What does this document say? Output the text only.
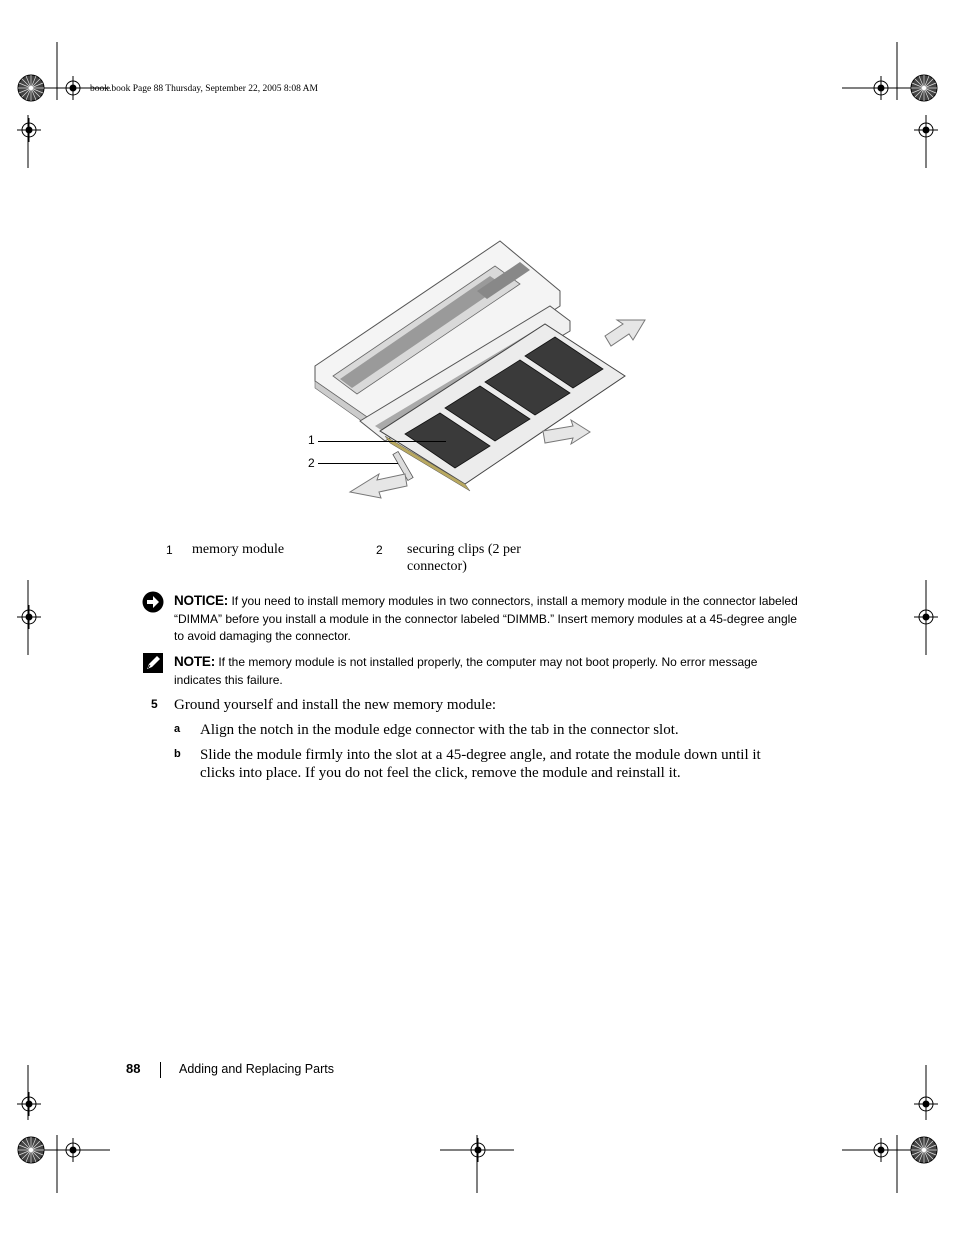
book.book Page 88 Thursday, September 22, 2005 8:08 AM
1
2
1 memory module	2 securing clips (2 per connector)
NOTICE: If you need to install memory modules in two connectors, install a memory module in the connector labeled “DIMMA” before you install a module in the connector labeled “DIMMB.” Insert memory modules at a 45-degree angle to avoid damaging the connector.
NOTE: If the memory module is not installed properly, the computer may not boot properly. No error message indicates this failure.
5 Ground yourself and install the new memory module:
a Align the notch in the module edge connector with the tab in the connector slot.
b Slide the module firmly into the slot at a 45-degree angle, and rotate the module down until it clicks into place. If you do not feel the click, remove the module and reinstall it.
88	Adding and Replacing Parts
